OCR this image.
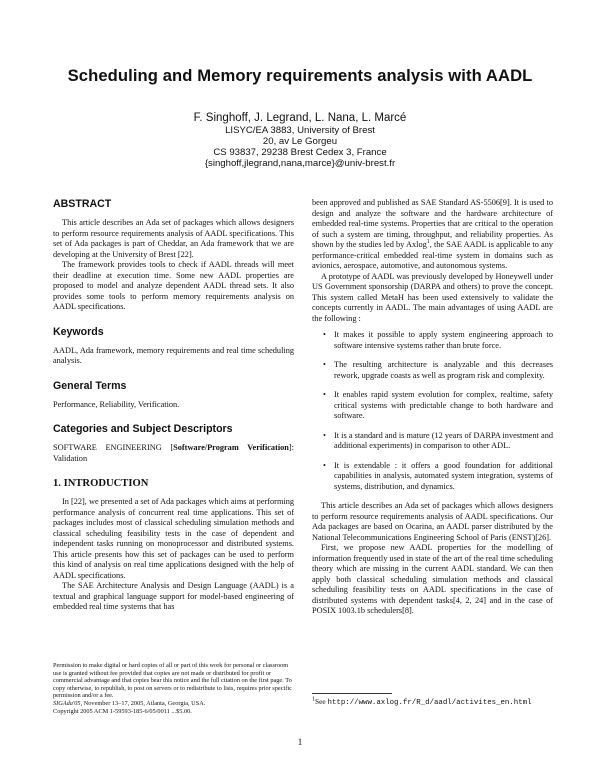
Scheduling and Memory requirements analysis with AADL
F. Singhoff, J. Legrand, L. Nana, L. Marcé
LISYC/EA 3883, University of Brest
20, av Le Gorgeu
CS 93837, 29238 Brest Cedex 3, France
{singhoff,jlegrand,nana,marce}@univ-brest.fr
ABSTRACT

This article describes an Ada set of packages which allows designers to perform resource requirements analysis of AADL specifications. This set of Ada packages is part of Cheddar, an Ada framework that we are developing at the University of Brest [22].

The framework provides tools to check if AADL threads will meet their deadline at execution time. Some new AADL properties are proposed to model and analyze dependent AADL thread sets. It also provides some tools to perform memory requirements analysis on AADL specifications.

Keywords

AADL, Ada framework, memory requirements and real time scheduling analysis.

General Terms

Performance, Reliability, Verification.

Categories and Subject Descriptors

SOFTWARE ENGINEERING [Software/Program Verification]: Validation

1. INTRODUCTION

In [22], we presented a set of Ada packages which aims at performing performance analysis of concurrent real time applications. This set of packages includes most of classical scheduling simulation methods and classical scheduling feasibility tests in the case of dependent and independent tasks running on monoprocessor and distributed systems. This article presents how this set of packages can be used to perform this kind of analysis on real time applications designed with the help of AADL specifications.

The SAE Architecture Analysis and Design Language (AADL) is a textual and graphical language support for model-based engineering of embedded real time systems that has

Permission to make digital or hard copies of all or part of this work for personal or classroom use is granted without fee provided that copies are not made or distributed for profit or commercial advantage and that copies bear this notice and the full citation on the first page. To copy otherwise, to republish, to post on servers or to redistribute to lists, requires prior specific permission and/or a fee.

SIGAda'05, November 13–17, 2005, Atlanta, Georgia, USA.

Copyright 2005 ACM 1-59593-185-6/05/0011 ...$5.00.

been approved and published as SAE Standard AS-5506[9]. It is used to design and analyze the software and the hardware architecture of embedded real-time systems. Properties that are critical to the operation of such a system are timing, throughput, and reliability properties. As shown by the studies led by Axlog$^1$, the SAE AADL is applicable to any performance-critical embedded real-time system in domains such as avionics, aerospace, automotive, and autonomous systems.

A prototype of AADL was previously developed by Honeywell under US Government sponsorship (DARPA and others) to prove the concept. This system called MetaH has been used extensively to validate the concepts currently in AADL. The main advantages of using AADL are the following :

• It makes it possible to apply system engineering approach to software intensive systems rather than brute force.
• The resulting architecture is analyzable and this decreases rework, upgrade coasts as well as program risk and complexity.
• It enables rapid system evolution for complex, realtime, safety critical systems with predictable change to both hardware and software.
• It is a standard and is mature (12 years of DARPA investment and additional experiments) in comparison to other ADL.
• It is extendable : it offers a good foundation for additional capabilities in analysis, automated system integration, systems of systems, distribution, and dynamics.

This article describes an Ada set of packages which allows designers to perform resource requirements analysis of AADL specifications. Our Ada packages are based on Ocarina, an AADL parser distributed by the National Telecommunications Engineering School of Paris (ENST)[26].

First, we propose new AADL properties for the modelling of information frequently used in state of the art of the real time scheduling theory which are missing in the current AADL standard. We can then apply both classical scheduling simulation methods and classical scheduling feasibility tests on AADL specifications in the case of distributed systems with dependent tasks[4, 2, 24] and in the case of POSIX 1003.1b schedulers[8].

$^1$See http://www.axlog.fr/R_d/aadl/activites_en.html
1
